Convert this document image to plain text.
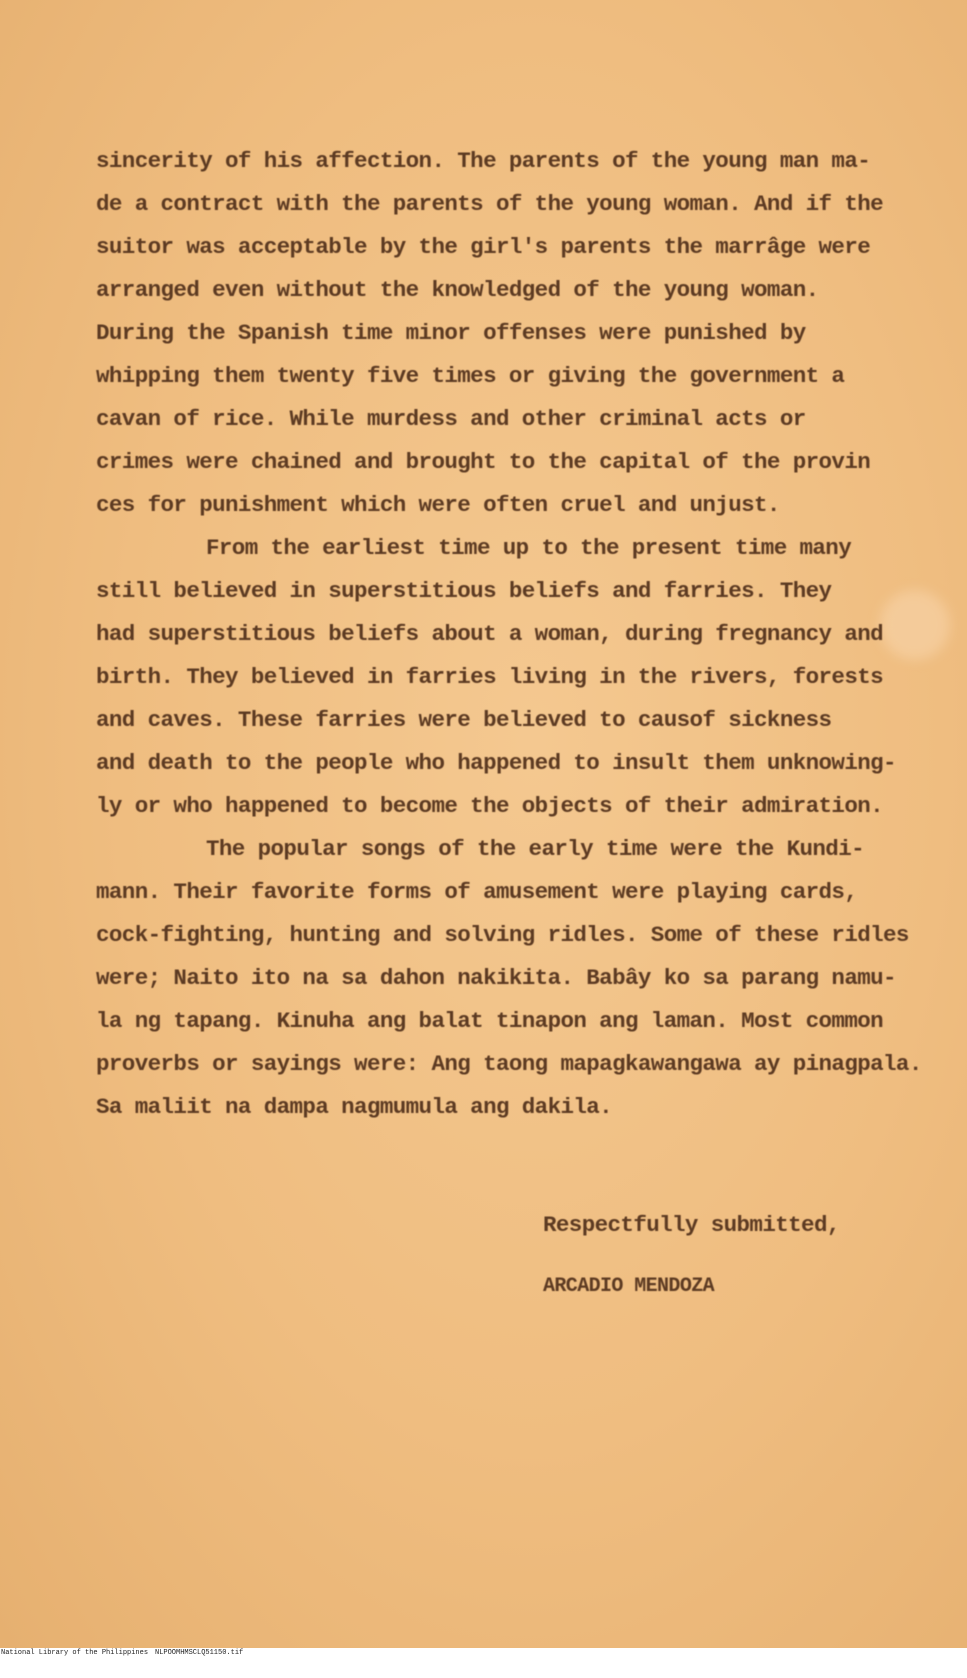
sincerity of his affection. The parents of the young man ma-
de a contract with the parents of the young woman. And if the
suitor was acceptable by the girl's parents the marrâge were
arranged even without the knowledged of the young woman.
During the Spanish time minor offenses were punished by
whipping them twenty five times or giving the government a
cavan of rice. While murdess and other criminal acts or
crimes were chained and brought to the capital of the provin
ces for punishment which were often cruel and unjust.
From the earliest time up to the present time many
still believed in superstitious beliefs and farries. They
had superstitious beliefs about a woman, during fregnancy and
birth. They believed in farries living in the rivers, forests
and caves. These farries were believed to causof sickness
and death to the people who happened to insult them unknowing-
ly or who happened to become the objects of their admiration.
The popular songs of the early time were the Kundi-
mann. Their favorite forms of amusement were playing cards,
cock-fighting, hunting and solving ridles. Some of these ridles
were; Naito ito na sa dahon nakikita. Babây ko sa parang namu-
la ng tapang. Kinuha ang balat tinapon ang laman. Most common
proverbs or sayings were: Ang taong mapagkawangawa ay pinagpala.
Sa maliit na dampa nagmumula ang dakila.
Respectfully submitted,
ARCADIO MENDOZA

National Library of the Philippines

NLPOOMHMSCLQ51150.tif
